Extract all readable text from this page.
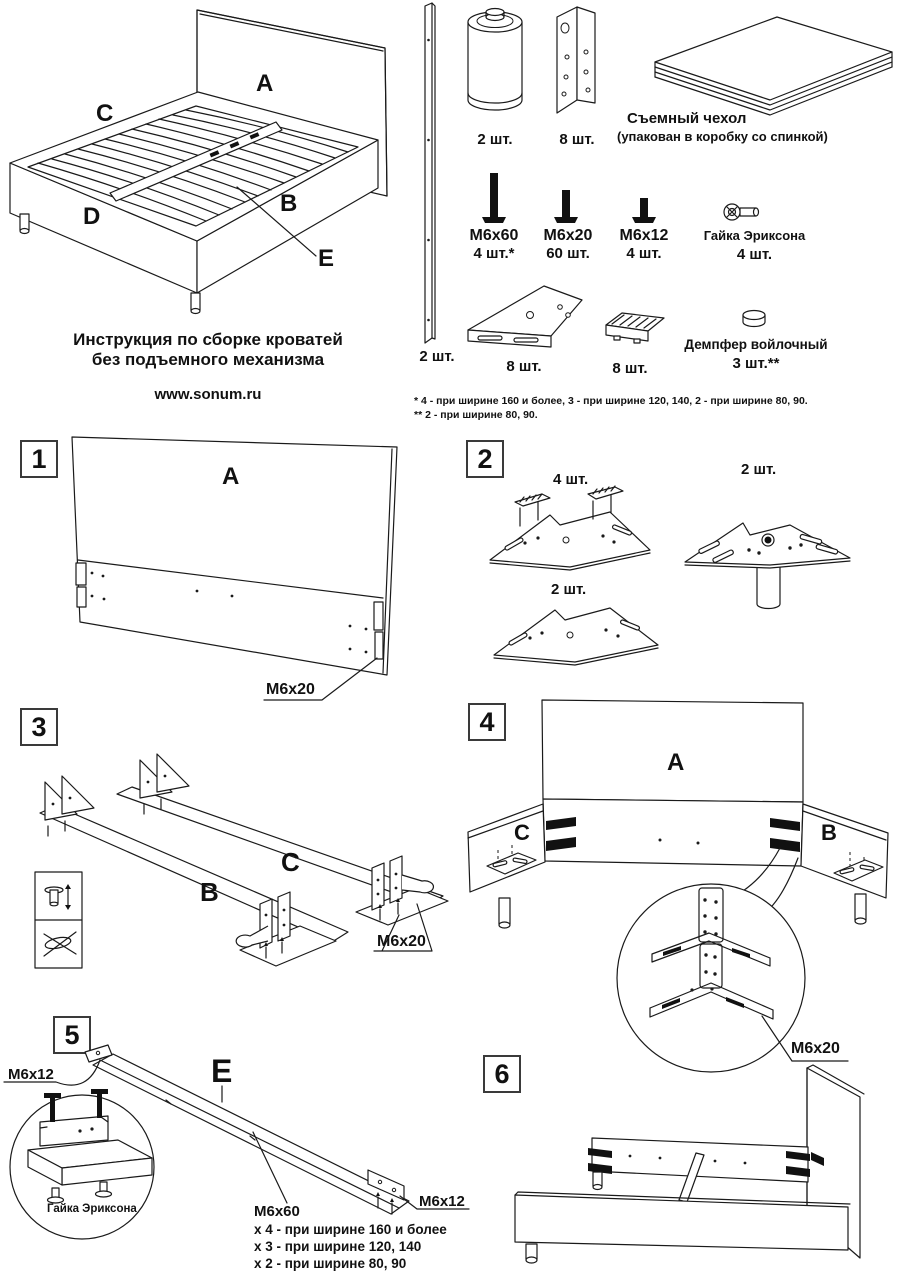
A
C
B
D
E
Инструкция по сборке кроватей
без подъемного механизма
www.sonum.ru
2 шт.
2 шт.	8 шт.
Съемный чехол
(упакован в коробку со спинкой)
M6x60
4 шт.*
M6x20
60 шт.
M6x12
4 шт.
Гайка Эриксона
4 шт.
8 шт.	8 шт.
Демпфер войлочный
3 шт.**
* 4 - при ширине 160 и более, 3 - при ширине 120, 140, 2 - при ширине 80, 90.
** 2 - при ширине 80, 90.
1
A
M6x20
2
4 шт.
2 шт.
2 шт.
3
B
C
M6x20
4
A
C	B
M6x20
5
E
M6x12
Гайка Эриксона	M6x60
x 4 - при ширине 160 и более
x 3 - при ширине 120, 140
x 2 - при ширине 80, 90
M6x12
6
